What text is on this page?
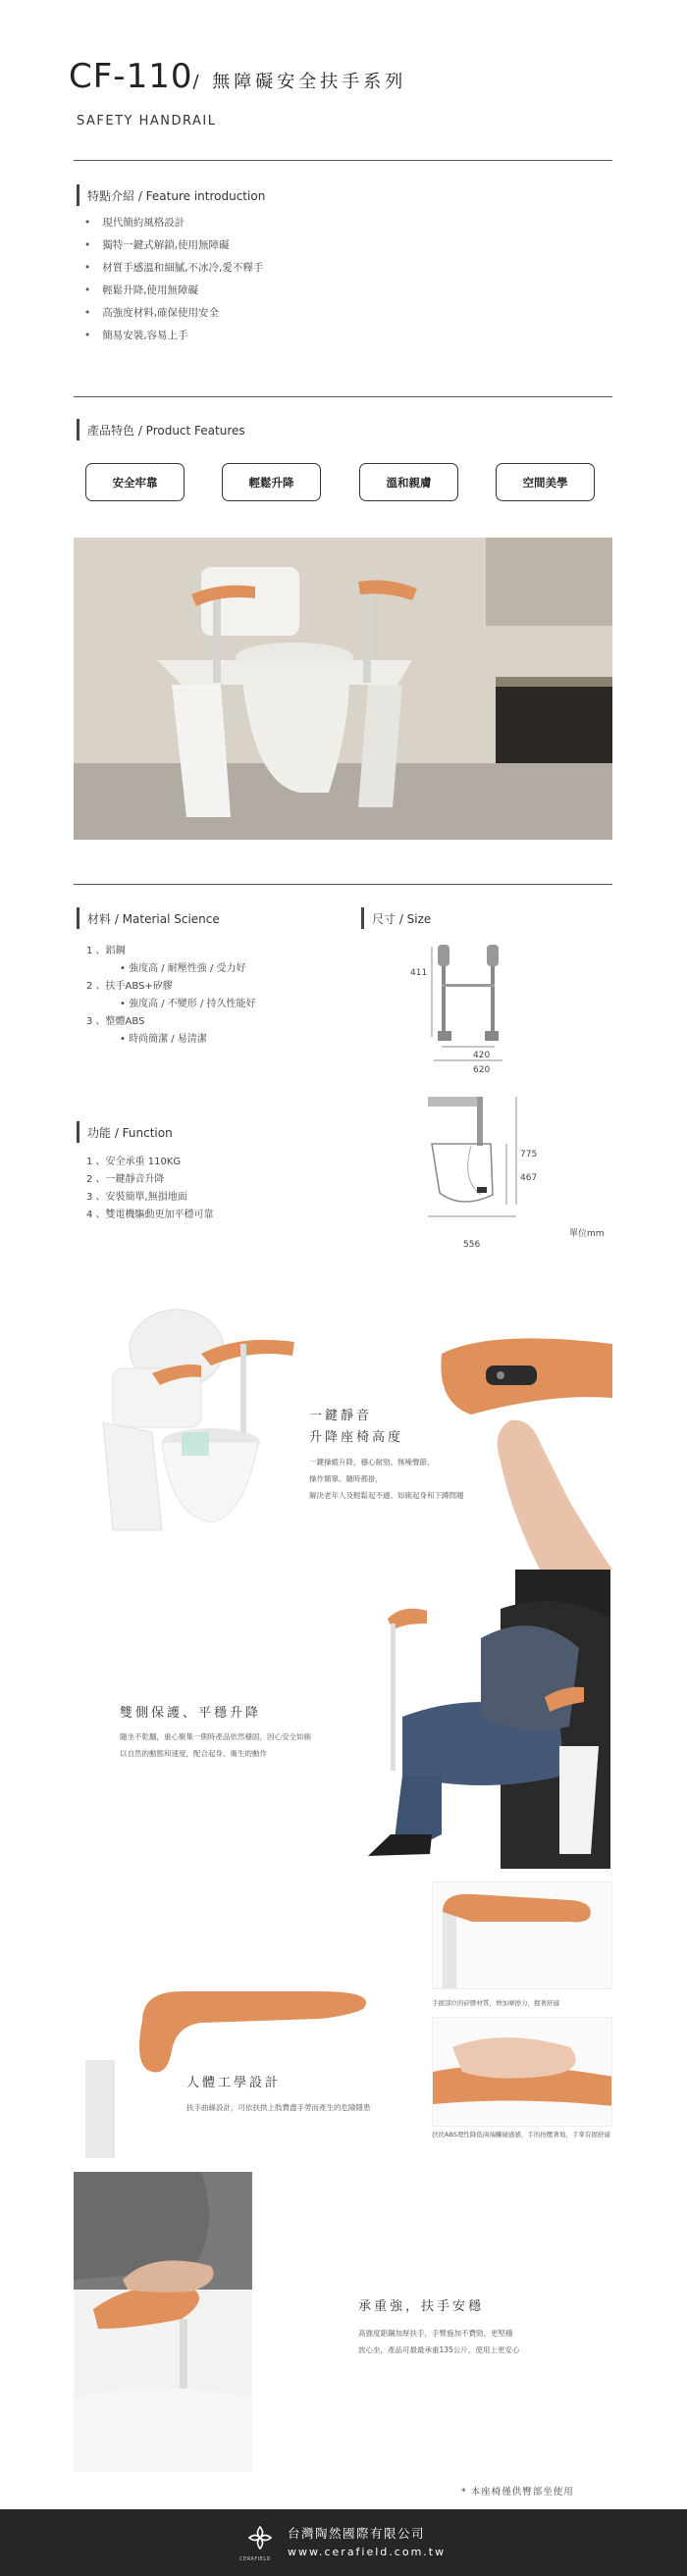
CF-110/ 無障礙安全扶手系列
SAFETY HANDRAIL
特點介紹 / Feature introduction
• 現代簡約風格設計
• 獨特一鍵式解鎖,使用無障礙
• 材質手感溫和細膩,不冰冷,愛不釋手
• 輕鬆升降,使用無障礙
• 高強度材料,確保使用安全
• 簡易安裝,容易上手
產品特色 / Product Features
安全牢靠	輕鬆升降	溫和親膚	空間美學
材料 / Material Science
1 、鋁鋼
• 強度高 / 耐壓性強 / 受力好
2 、扶手ABS+矽膠
• 強度高 / 不變形 / 持久性能好
3 、整體ABS
• 時尚簡潔 / 易清潔
功能 / Function
1 、安全承重 110KG
2 、一鍵靜音升降
3 、安裝簡單,無損地面
4 、雙電機驅動更加平穩可靠
尺寸 / Size
411
420
620
775
467
556
單位mm
一鍵靜音
升降座椅高度
一鍵操縱升降，穩心耐勁、無噪聲節、
操作簡單、隨時都掛，
解決老年人及輕鬆起不適、如廁起身和下蹲問題
雙側保護、平穩升降
隨坐不乾翻，重心聚集一側時產品依然穩固，因心安全如廁
以自然的動態和速度，配合起身、衛生的動作
手握部位的矽膠材質，增加摩擦力，握著舒適
扶扶ABS理性降低兩端觸碰感感，手的按壓著地，手掌有握舒適
人體工學設計
扶手曲線設計，可依扶拱上肢費盡手勞而產生的危險隱患
承重強，扶手安穩
高強度鋁鋼加厚扶手，手臂施加不費勁、更堅穩
放心坐，產品可最最承重135公斤，使用上更安心
* 本座椅僅供臀部坐使用
CERAFIELD
台灣陶然國際有限公司
www.cerafield.com.tw
